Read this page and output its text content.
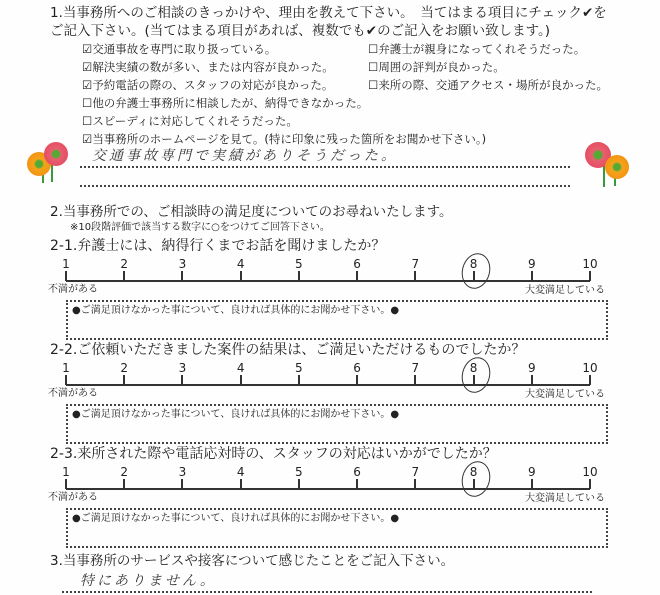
1.当事務所へのご相談のきっかけや、理由を教えて下さい。　当てはまる項目にチェック✔を
ご記入下さい。(当てはまる項目があれば、複数でも✔のご記入をお願い致します。)
☑交通事故を専門に取り扱っている。
☑解決実績の数が多い、または内容が良かった。
☑予約電話の際の、スタッフの対応が良かった。
☐他の弁護士事務所に相談したが、納得できなかった。
☐スピーディに対応してくれそうだった。
☑当事務所のホームページを見て。(特に印象に残った箇所をお聞かせ下さい。)
☐弁護士が親身になってくれそうだった。
☐周囲の評判が良かった。
☐来所の際、交通アクセス・場所が良かった。
交通事故専門で実績がありそうだった。
2.当事務所での、ご相談時の満足度についてのお尋ねいたします。
※10段階評価で該当する数字に○をつけてご回答下さい。
2-1.弁護士には、納得行くまでお話を聞けましたか？
1	2	3	4	5	6	7	8	9	10
不満がある	大変満足している
●ご満足頂けなかった事について、良ければ具体的にお聞かせ下さい。●
2-2.ご依頼いただきました案件の結果は、ご満足いただけるものでしたか？
1	2	3	4	5	6	7	8	9	10
不満がある	大変満足している
●ご満足頂けなかった事について、良ければ具体的にお聞かせ下さい。●
2-3.来所された際や電話応対時の、スタッフの対応はいかがでしたか？
1	2	3	4	5	6	7	8	9	10
不満がある	大変満足している
●ご満足頂けなかった事について、良ければ具体的にお聞かせ下さい。●
3.当事務所のサービスや接客について感じたことをご記入下さい。
特にありません。
